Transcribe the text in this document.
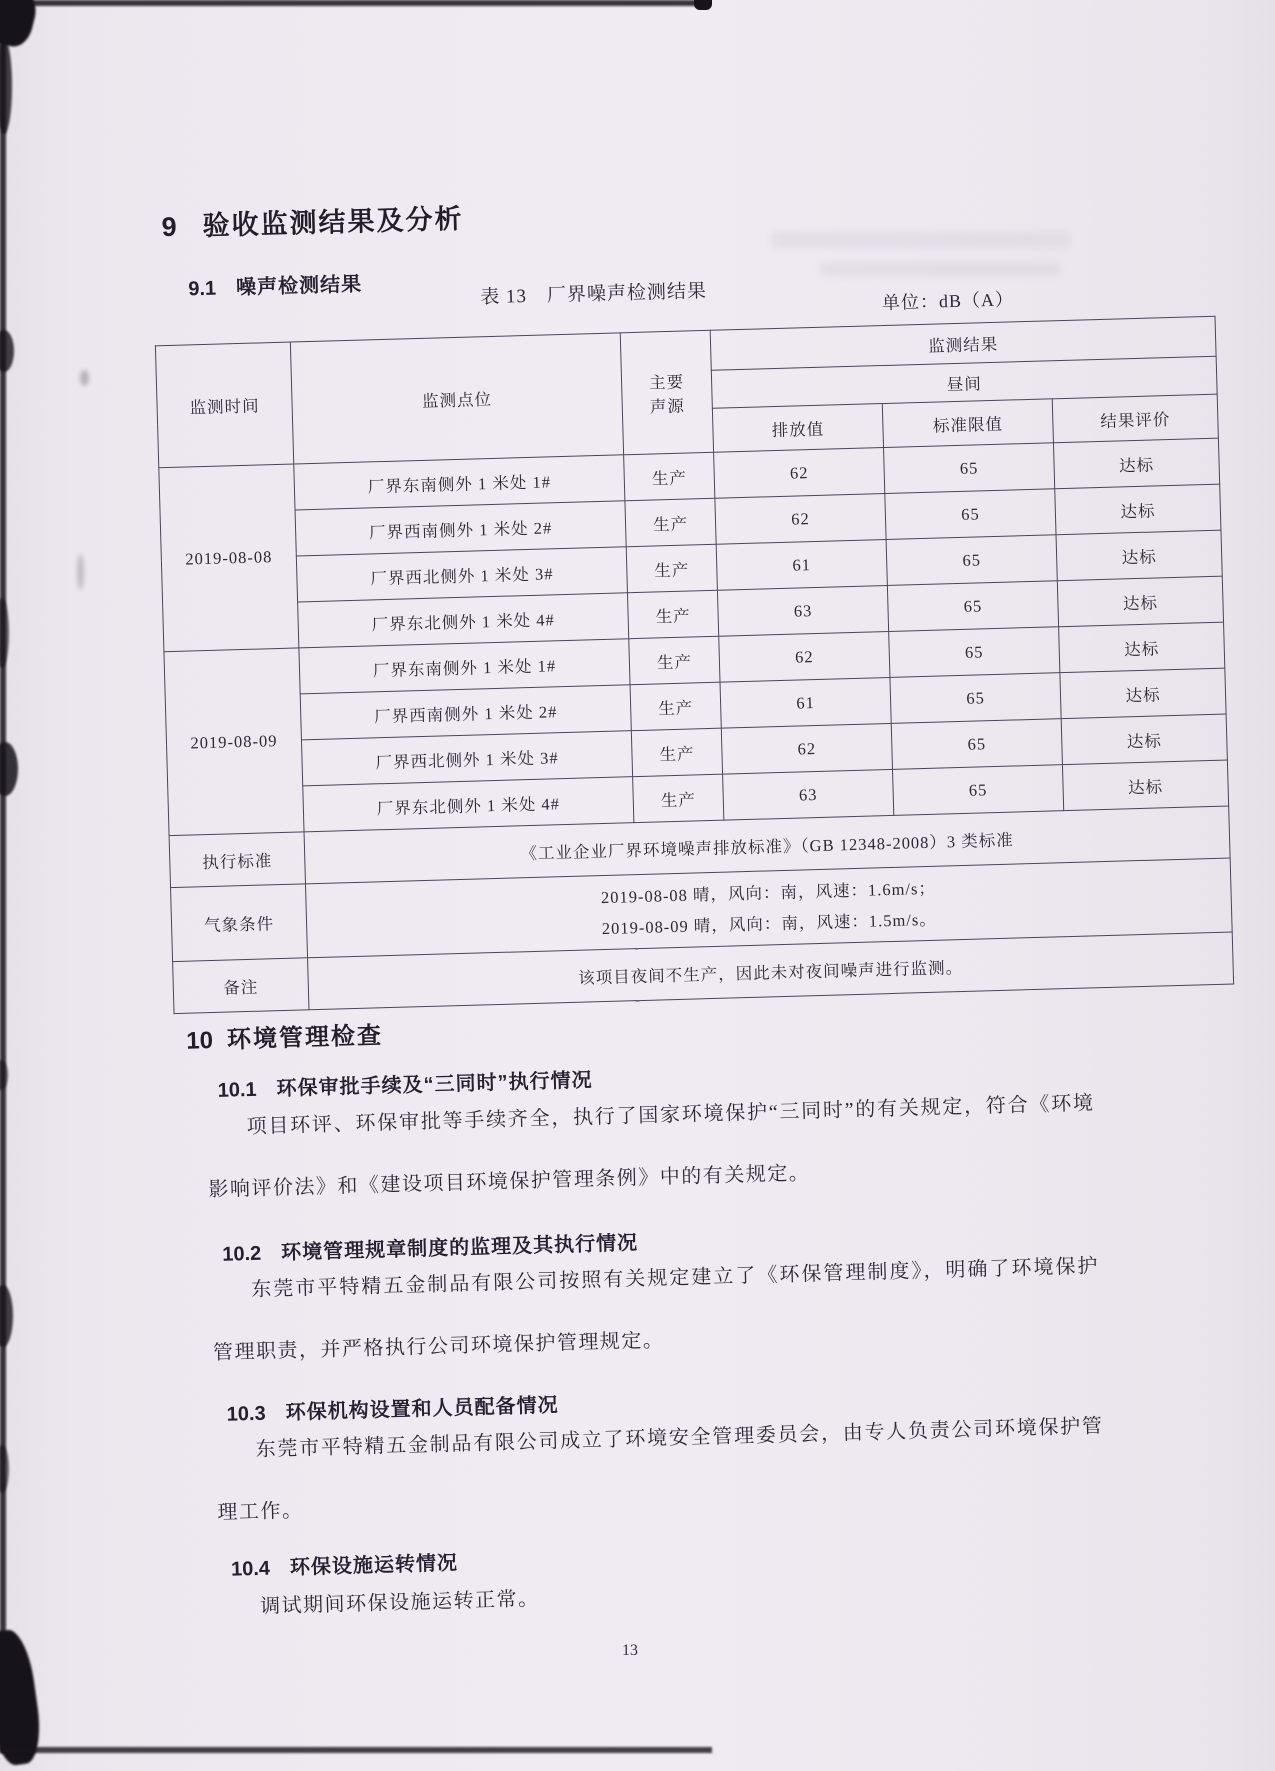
9 验收监测结果及分析
9.1 噪声检测结果	表 13　厂界噪声检测结果	单位：dB（A）
监测时间	监测点位	主要
声源	监测结果		
			昼间		
			排放值	标准限值	结果评价
2019-08-08	厂界东南侧外 1 米处 1#	生产	62	65	达标
	厂界西南侧外 1 米处 2#	生产	62	65	达标
	厂界西北侧外 1 米处 3#	生产	61	65	达标
	厂界东北侧外 1 米处 4#	生产	63	65	达标
2019-08-09	厂界东南侧外 1 米处 1#	生产	62	65	达标
	厂界西南侧外 1 米处 2#	生产	61	65	达标
	厂界西北侧外 1 米处 3#	生产	62	65	达标
	厂界东北侧外 1 米处 4#	生产	63	65	达标
执行标准	《工业企业厂界环境噪声排放标准》（GB 12348-2008）3 类标准				
气象条件	2019-08-08 晴，风向：南，风速：1.6m/s；
2019-08-09 晴，风向：南，风速：1.5m/s。				

备注	该项目夜间不生产，因此未对夜间噪声进行监测。				
10 环境管理检查
10.1 环保审批手续及“三同时”执行情况
项目环评、环保审批等手续齐全，执行了国家环境保护“三同时”的有关规定，符合《环境影响评价法》和《建设项目环境保护管理条例》中的有关规定。
10.2 环境管理规章制度的监理及其执行情况
东莞市平特精五金制品有限公司按照有关规定建立了《环保管理制度》，明确了环境保护管理职责，并严格执行公司环境保护管理规定。
10.3 环保机构设置和人员配备情况
东莞市平特精五金制品有限公司成立了环境安全管理委员会，由专人负责公司环境保护管理工作。
10.4 环保设施运转情况
调试期间环保设施运转正常。
13
